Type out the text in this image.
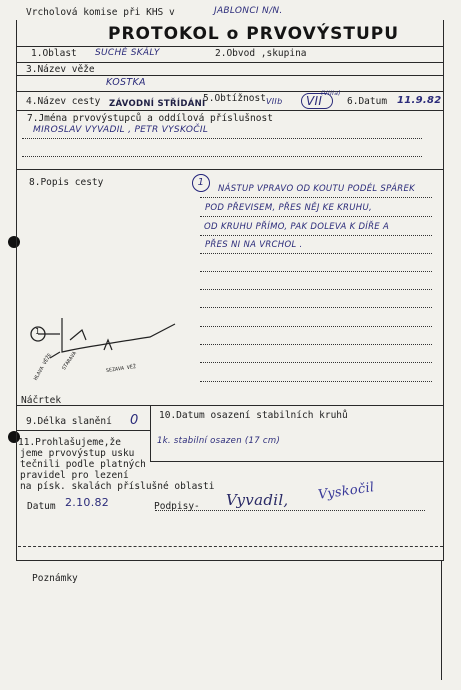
Vrcholová komise při KHS v	JABLONCI N/N.
PROTOKOL o PRVOVÝSTUPU
1.Oblast SUCHÉ SKÁLY	2.Obvod ,skupina
3.Název věže
KOSTKA
4.Název cesty ZÁVODNÍ STŘÍDÁNÍ
5.Obtížnost VIIb	VII
(VIIIa)
6.Datum 11.9.82
7.Jména prvovýstupců a oddílová příslušnost
MIROSLAV VYVADIL , PETR VYSKOČIL
8.Popis cesty	1
NÁSTUP VPRAVO OD KOUTU PODÉL SPÁREK
POD PŘEVISEM, PŘES NĚJ KE KRUHU,
OD KRUHU PŘÍMO, PAK DOLEVA K DÍŘE A
PŘES NI NA VRCHOL .
1
HLAVA VĚŽE STARAVA	SEZAVA VĚŽ
Náčrtek
9.Délka slanění 0 10.Datum osazení stabilních kruhů
1k. stabilní osazen (17 cm)
11.Prohlašujeme,že
jeme prvovýstup usku
tečnili podle platných
pravidel pro lezení
na písk. skalách příslušné oblasti
Datum 2.10.82	Podpisy- Vyvadil, Vyskočil
Poznámky
